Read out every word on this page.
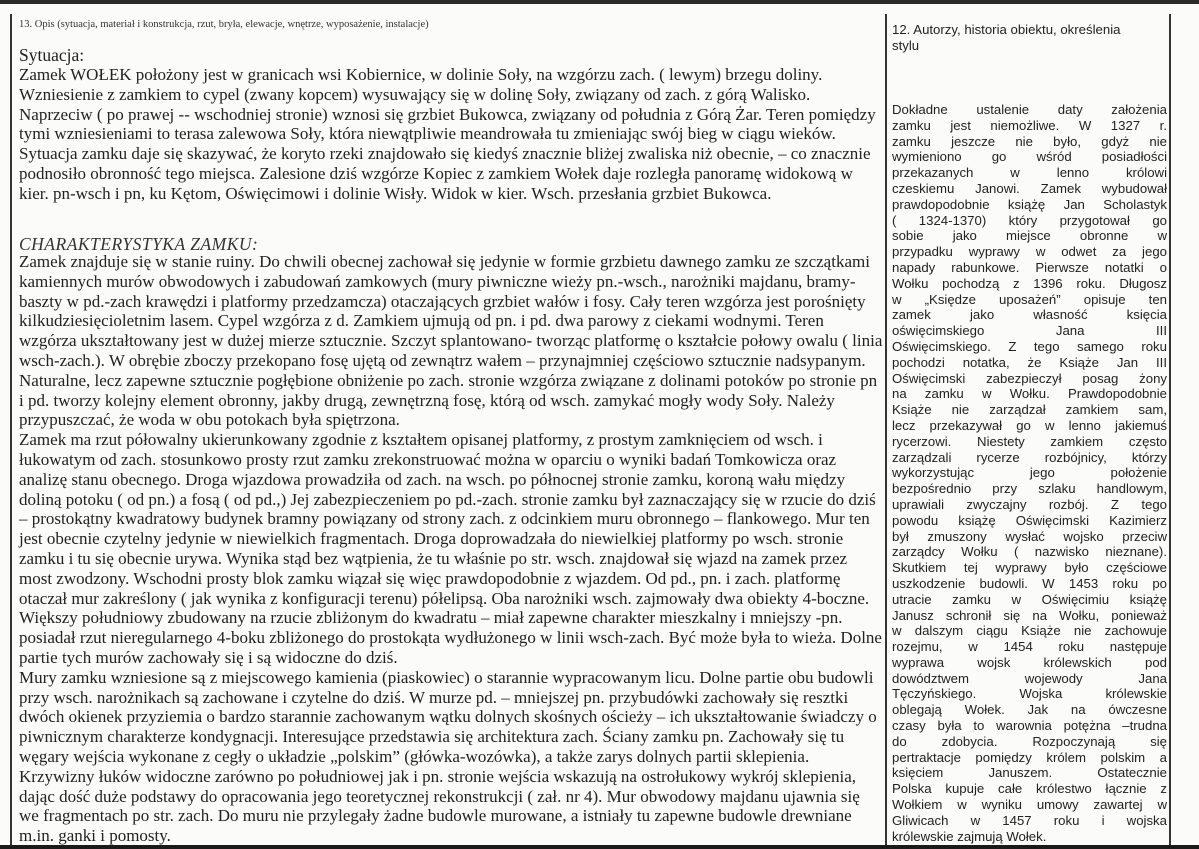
13. Opis (sytuacja, materiał i konstrukcja, rzut, bryła, elewacje, wnętrze, wyposażenie, instalacje)
Sytuacja:
Zamek WOŁEK położony jest w granicach wsi Kobiernice, w dolinie Soły, na wzgórzu zach. ( lewym) brzegu doliny.
Wzniesienie z zamkiem to cypel (zwany kopcem) wysuwający się w dolinę Soły, związany od zach. z górą Walisko.
Naprzeciw ( po prawej -- wschodniej stronie) wznosi się grzbiet Bukowca, związany od południa z Górą Żar. Teren pomiędzy
tymi wzniesieniami to terasa zalewowa Soły, która niewątpliwie meandrowała tu zmieniając swój bieg w ciągu wieków.
Sytuacja zamku daje się skazywać, że koryto rzeki znajdowało się kiedyś znacznie bliżej zwaliska niż obecnie, – co znacznie
podnosiło obronność tego miejsca. Zalesione dziś wzgórze Kopiec z zamkiem Wołek daje rozległa panoramę widokową w
kier. pn-wsch i pn, ku Kętom, Oświęcimowi i dolinie Wisły. Widok w kier. Wsch. przesłania grzbiet Bukowca.
CHARAKTERYSTYKA ZAMKU:
Zamek znajduje się w stanie ruiny. Do chwili obecnej zachował się jedynie w formie grzbietu dawnego zamku ze szczątkami
kamiennych murów obwodowych i zabudowań zamkowych (mury piwniczne wieży pn.-wsch., narożniki majdanu, bramy-
baszty w pd.-zach krawędzi i platformy przedzamcza) otaczających grzbiet wałów i fosy. Cały teren wzgórza jest porośnięty
kilkudziesięcioletnim lasem. Cypel wzgórza z d. Zamkiem ujmują od pn. i pd. dwa parowy z ciekami wodnymi. Teren
wzgórza ukształtowany jest w dużej mierze sztucznie. Szczyt splantowano- tworząc platformę o kształcie połowy owalu ( linia
wsch-zach.). W obrębie zboczy przekopano fosę ujętą od zewnątrz wałem – przynajmniej częściowo sztucznie nadsypanym.
Naturalne, lecz zapewne sztucznie pogłębione obniżenie po zach. stronie wzgórza związane z dolinami potoków po stronie pn
i pd. tworzy kolejny element obronny, jakby drugą, zewnętrzną fosę, którą od wsch. zamykać mogły wody Soły. Należy
przypuszczać, że woda w obu potokach była spiętrzona.
Zamek ma rzut półowalny ukierunkowany zgodnie z kształtem opisanej platformy, z prostym zamknięciem od wsch. i
łukowatym od zach. stosunkowo prosty rzut zamku zrekonstruować można w oparciu o wyniki badań Tomkowicza oraz
analizę stanu obecnego. Droga wjazdowa prowadziła od zach. na wsch. po północnej stronie zamku, koroną wału między
doliną potoku ( od pn.) a fosą ( od pd.,) Jej zabezpieczeniem po pd.-zach. stronie zamku był zaznaczający się w rzucie do dziś
– prostokątny kwadratowy budynek bramny powiązany od strony zach. z odcinkiem muru obronnego – flankowego. Mur ten
jest obecnie czytelny jedynie w niewielkich fragmentach. Droga doprowadzała do niewielkiej platformy po wsch. stronie
zamku i tu się obecnie urywa. Wynika stąd bez wątpienia, że tu właśnie po str. wsch. znajdował się wjazd na zamek przez
most zwodzony. Wschodni prosty blok zamku wiązał się więc prawdopodobnie z wjazdem. Od pd., pn. i zach. platformę
otaczał mur zakreślony ( jak wynika z konfiguracji terenu) półelipsą. Oba narożniki wsch. zajmowały dwa obiekty 4-boczne.
Większy południowy zbudowany na rzucie zbliżonym do kwadratu – miał zapewne charakter mieszkalny i mniejszy -pn.
posiadał rzut nieregularnego 4-boku zbliżonego do prostokąta wydłużonego w linii wsch-zach. Być może była to wieża. Dolne
partie tych murów zachowały się i są widoczne do dziś.
Mury zamku wzniesione są z miejscowego kamienia (piaskowiec) o starannie wypracowanym licu. Dolne partie obu budowli
przy wsch. narożnikach są zachowane i czytelne do dziś. W murze pd. – mniejszej pn. przybudówki zachowały się resztki
dwóch okienek przyziemia o bardzo starannie zachowanym wątku dolnych skośnych ościeży – ich ukształtowanie świadczy o
piwnicznym charakterze kondygnacji. Interesujące przedstawia się architektura zach. Ściany zamku pn. Zachowały się tu
węgary wejścia wykonane z cegły o układzie „polskim” (główka-wozówka), a także zarys dolnych partii sklepienia.
Krzywizny łuków widoczne zarówno po południowej jak i pn. stronie wejścia wskazują na ostrołukowy wykrój sklepienia,
dając dość duże podstawy do opracowania jego teoretycznej rekonstrukcji ( zał. nr 4). Mur obwodowy majdanu ujawnia się
we fragmentach po str. zach. Do muru nie przylegały żadne budowle murowane, a istniały tu zapewne budowle drewniane
m.in. ganki i pomosty.
12. Autorzy, historia obiektu, określenia
stylu
Dokładne ustalenie daty założenia
zamku jest niemożliwe. W 1327 r.
zamku jeszcze nie było, gdyż nie
wymieniono go wśród posiadłości
przekazanych w lenno królowi
czeskiemu Janowi. Zamek wybudował
prawdopodobnie książę Jan Scholastyk
( 1324-1370) który przygotował go
sobie jako miejsce obronne w
przypadku wyprawy w odwet za jego
napady rabunkowe. Pierwsze notatki o
Wołku pochodzą z 1396 roku. Długosz
w „Księdze uposażeń” opisuje ten
zamek jako własność księcia
oświęcimskiego Jana III
Oświęcimskiego. Z tego samego roku
pochodzi notatka, że Książe Jan III
Oświęcimski zabezpieczył posag żony
na zamku w Wołku. Prawdopodobnie
Książe nie zarządzał zamkiem sam,
lecz przekazywał go w lenno jakiemuś
rycerzowi. Niestety zamkiem często
zarządzali rycerze rozbójnicy, którzy
wykorzystując jego położenie
bezpośrednio przy szlaku handlowym,
uprawiali zwyczajny rozbój. Z tego
powodu książę Oświęcimski Kazimierz
był zmuszony wysłać wojsko przeciw
zarządcy Wołku ( nazwisko nieznane).
Skutkiem tej wyprawy było częściowe
uszkodzenie budowli. W 1453 roku po
utracie zamku w Oświęcimiu książę
Janusz schronił się na Wołku, ponieważ
w dalszym ciągu Książe nie zachowuje
rozejmu, w 1454 roku następuje
wyprawa wojsk królewskich pod
dowództwem wojewody Jana
Tęczyńskiego. Wojska królewskie
oblegają Wołek. Jak na ówczesne
czasy była to warownia potężna –trudna
do zdobycia. Rozpoczynają się
pertraktacje pomiędzy królem polskim a
księciem Januszem. Ostatecznie
Polska kupuje całe królestwo łącznie z
Wołkiem w wyniku umowy zawartej w
Gliwicach w 1457 roku i wojska
królewskie zajmują Wołek.
